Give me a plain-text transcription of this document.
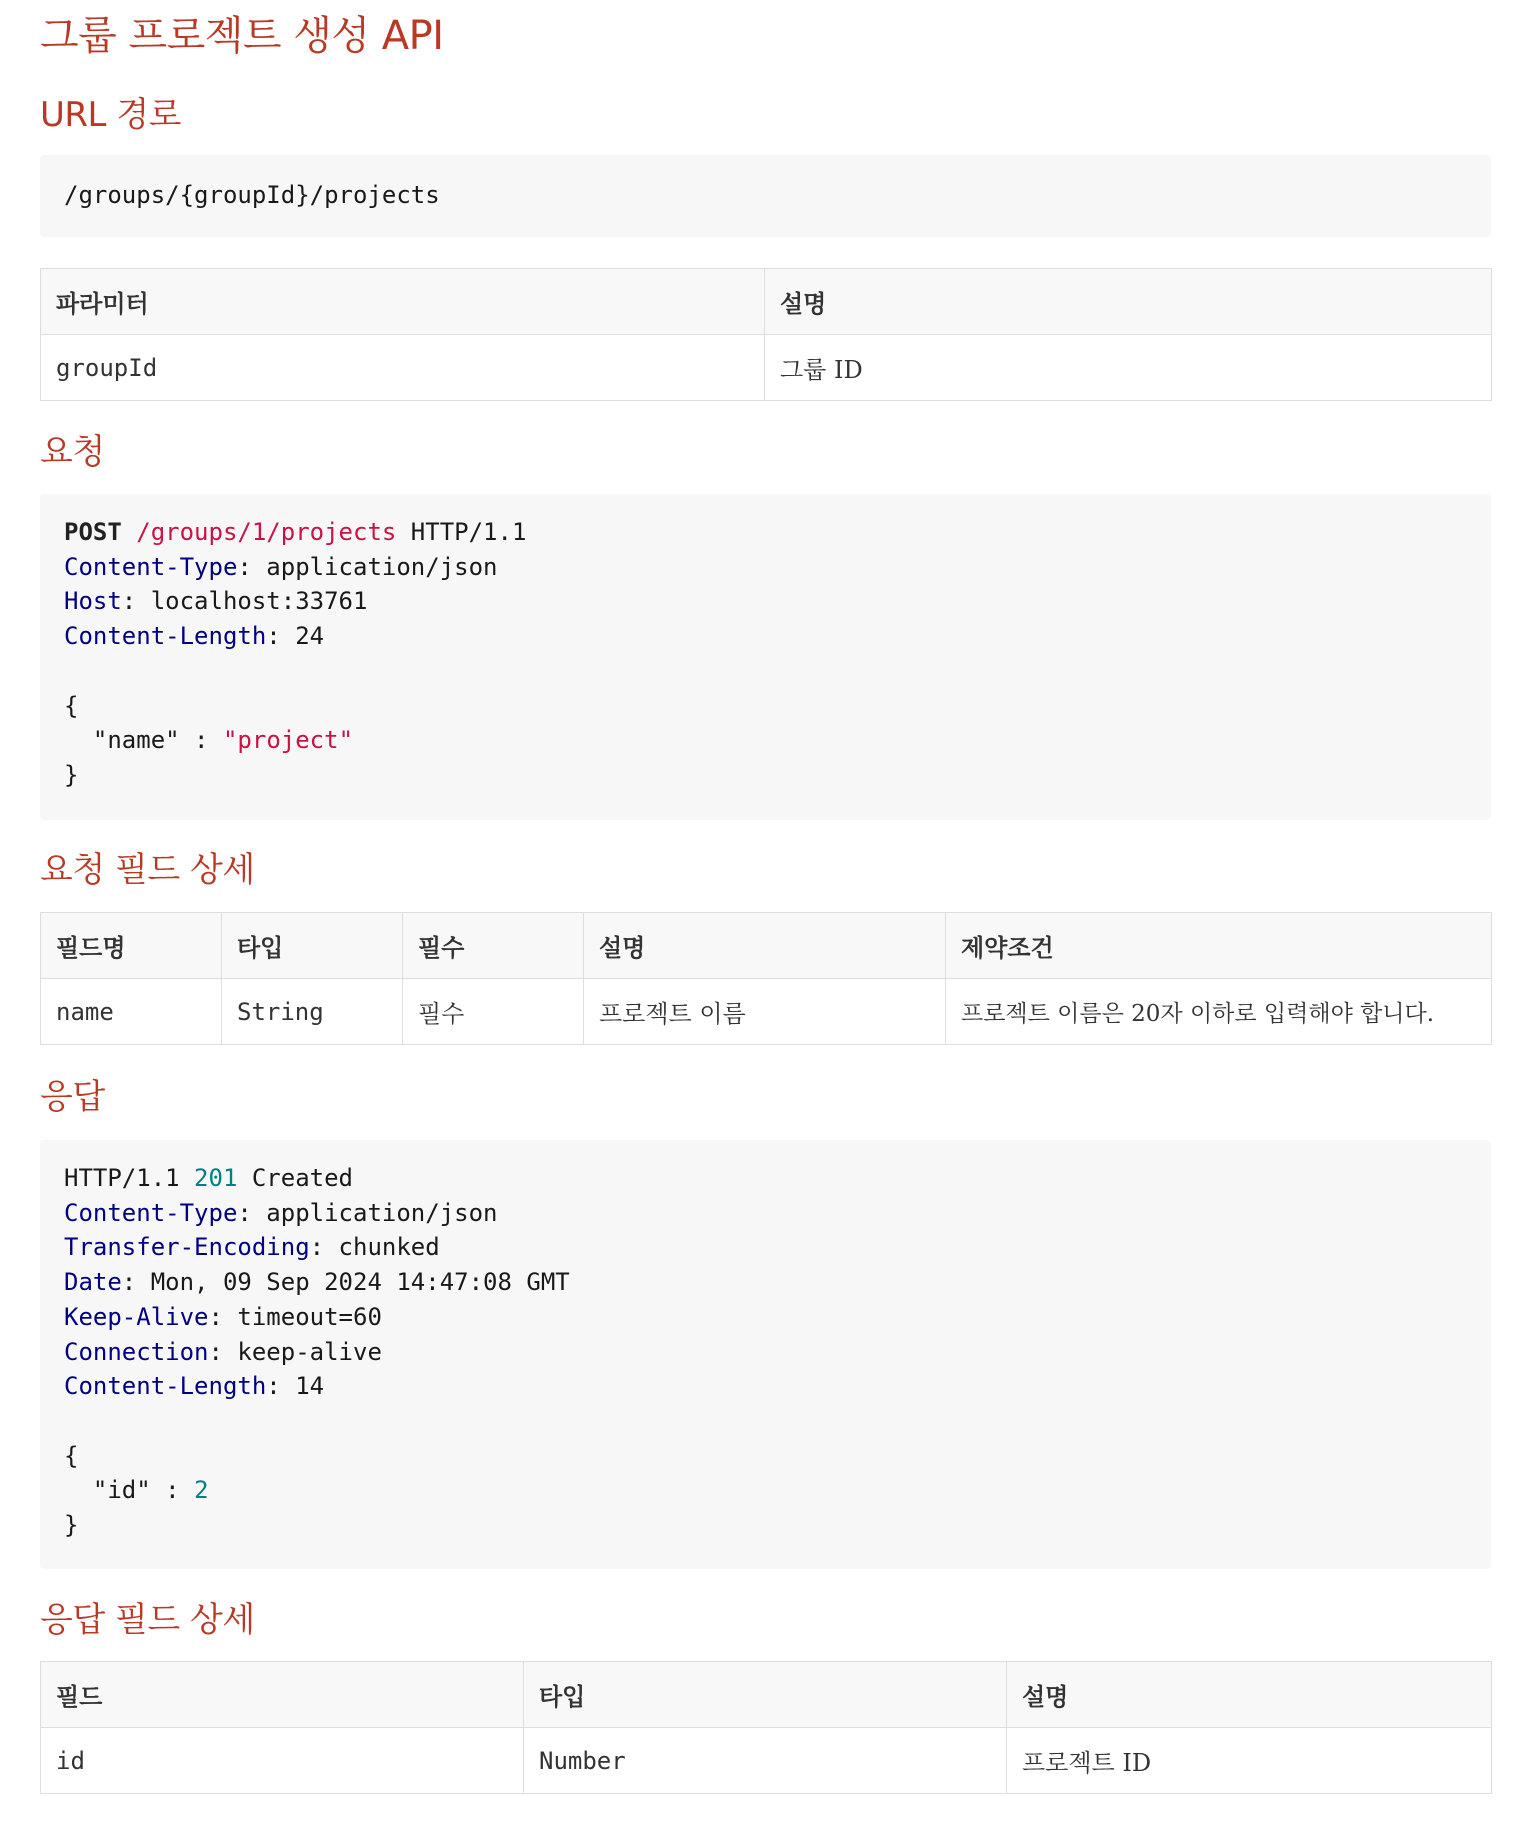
그룹 프로젝트 생성 API
URL 경로
/groups/{groupId}/projects
파라미터	설명
groupId	그룹 ID
요청
POST /groups/1/projects HTTP/1.1
Content-Type: application/json
Host: localhost:33761
Content-Length: 24

{
"name" : "project"
}
요청 필드 상세
필드명	타입	필수	설명	제약조건
name	String	필수	프로젝트 이름	프로젝트 이름은 20자 이하로 입력해야 합니다.
응답
HTTP/1.1 201 Created
Content-Type: application/json
Transfer-Encoding: chunked
Date: Mon, 09 Sep 2024 14:47:08 GMT
Keep-Alive: timeout=60
Connection: keep-alive
Content-Length: 14

{
"id" : 2
}
응답 필드 상세
필드	타입	설명
id	Number	프로젝트 ID
